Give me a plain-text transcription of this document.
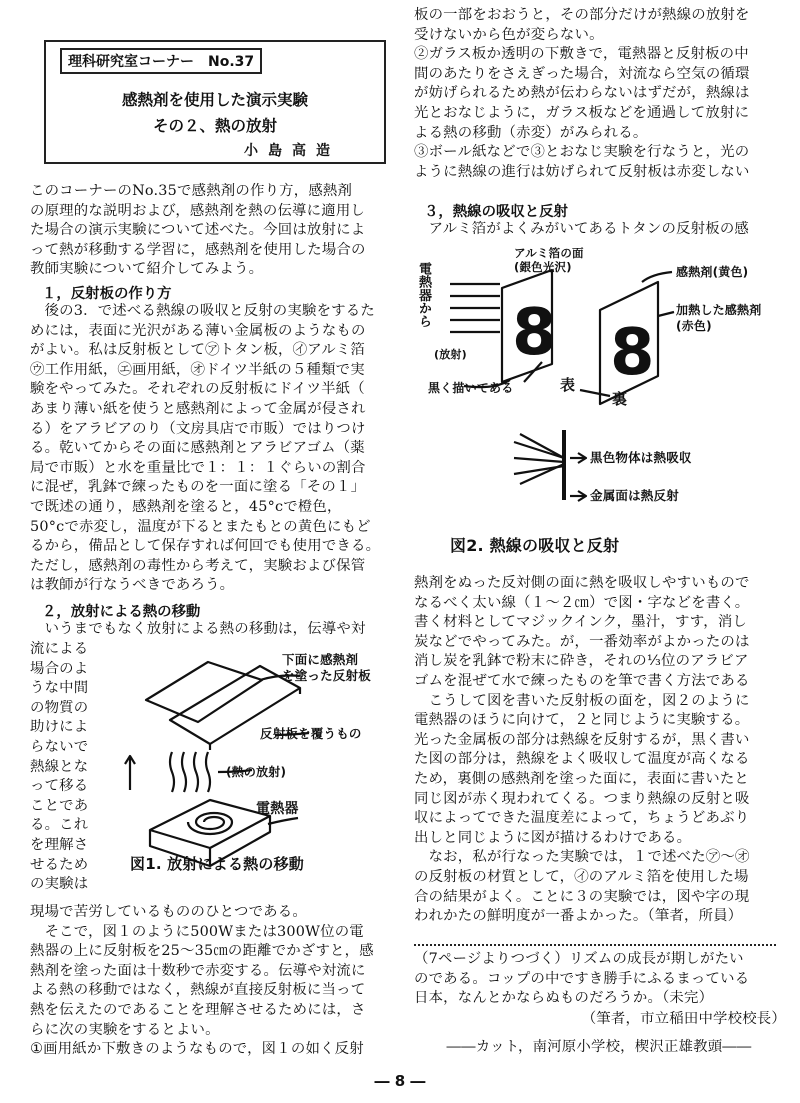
理科研究室コーナー　No.37
感熱剤を使用した演示実験
その２、熱の放射
小島高造
このコーナーのNo.35で感熱剤の作り方，感熱剤
の原理的な説明および，感熱剤を熱の伝導に適用し
た場合の演示実験について述べた。今回は放射によ
って熱が移動する学習に，感熱剤を使用した場合の
教師実験について紹介してみよう。
１，反射板の作り方
　後の3．で述べる熱線の吸収と反射の実験をするた
めには，表面に光沢がある薄い金属板のようなもの
がよい。私は反射板として㋐トタン板，㋑アルミ箔
㋒工作用紙，㋓画用紙，㋔ドイツ半紙の５種類で実
験をやってみた。それぞれの反射板にドイツ半紙（
あまり薄い紙を使うと感熱剤によって金属が侵され
る）をアラビアのり（文房具店で市販）ではりつけ
る。乾いてからその面に感熱剤とアラビアゴム（薬
局で市販）と水を重量比で１：１：１ぐらいの割合
に混ぜ，乳鉢で練ったものを一面に塗る「その１」
で既述の通り，感熱剤を塗ると，45°cで橙色，
50°cで赤変し，温度が下るとまたもとの黄色にもど
るから，備品として保存すれば何回でも使用できる。
ただし，感熱剤の毒性から考えて，実験および保管
は教師が行なうべきであろう。
２，放射による熱の移動
　いうまでもなく放射による熱の移動は，伝導や対
流による
場合のよ
うな中間
の物質の
助けによ
らないで
熱線とな
って移る
ことであ
る。これ
を理解さ
せるため
の実験は
現場で苦労しているもののひとつである。
　そこで，図１のように500Wまたは300W位の電
熱器の上に反射板を25〜35㎝の距離でかざすと，感
熱剤を塗った面は十数秒で赤変する。伝導や対流に
よる熱の移動ではなく，熱線が直接反射板に当って
熱を伝えたのであることを理解させるためには，さ
らに次の実験をするとよい。
①画用紙か下敷きのようなもので，図１の如く反射
下面に感熱剤
を塗った反射板
反射板を覆うもの
(熱の放射)
電熱器
図1. 放射による熱の移動
板の一部をおおうと，その部分だけが熱線の放射を
受けないから色が変らない。
②ガラス板か透明の下敷きで，電熱器と反射板の中
間のあたりをさえぎった場合，対流なら空気の循環
が妨げられるため熱が伝わらないはずだが，熱線は
光とおなじように，ガラス板などを通過して放射に
よる熱の移動（赤変）がみられる。
③ボール紙などで③とおなじ実験を行なうと，光の
ように熱線の進行は妨げられて反射板は赤変しない
３，熱線の吸収と反射
　アルミ箔がよくみがいてあるトタンの反射板の感
8 8
電熱器から
(放射)
アルミ箔の面
(銀色光沢)
黒く描いてある	表
裏
感熱剤(黄色)
加熱した感熱剤
(赤色)
黒色物体は熱吸収
金属面は熱反射
図2. 熱線の吸収と反射
熱剤をぬった反対側の面に熱を吸収しやすいもので
なるべく太い線（１〜２㎝）で図・字などを書く。
書く材料としてマジックインク，墨汁，すす，消し
炭などでやってみた。が，一番効率がよかったのは
消し炭を乳鉢で粉末に砕き，それの⅓位のアラビア
ゴムを混ぜて水で練ったものを筆で書く方法である
　こうして図を書いた反射板の面を，図２のように
電熱器のほうに向けて，２と同じように実験する。
光った金属板の部分は熱線を反射するが，黒く書い
た図の部分は，熱線をよく吸収して温度が高くなる
ため，裏側の感熱剤を塗った面に，表面に書いたと
同じ図が赤く現われてくる。つまり熱線の反射と吸
収によってできた温度差によって，ちょうどあぶり
出しと同じように図が描けるわけである。
　なお，私が行なった実験では，１で述べた㋐〜㋔
の反射板の材質として，㋑のアルミ箔を使用した場
合の結果がよく。ことに３の実験では，図や字の現
われかたの鮮明度が一番よかった。（筆者，所員）
（7ページよりつづく）リズムの成長が期しがたい
のである。コップの中ですき勝手にふるまっている
日本，なんとかならぬものだろうか。（未完）
（筆者，市立稲田中学校校長）
――カット，南河原小学校，楔沢正雄教頭――
― 8 ―
